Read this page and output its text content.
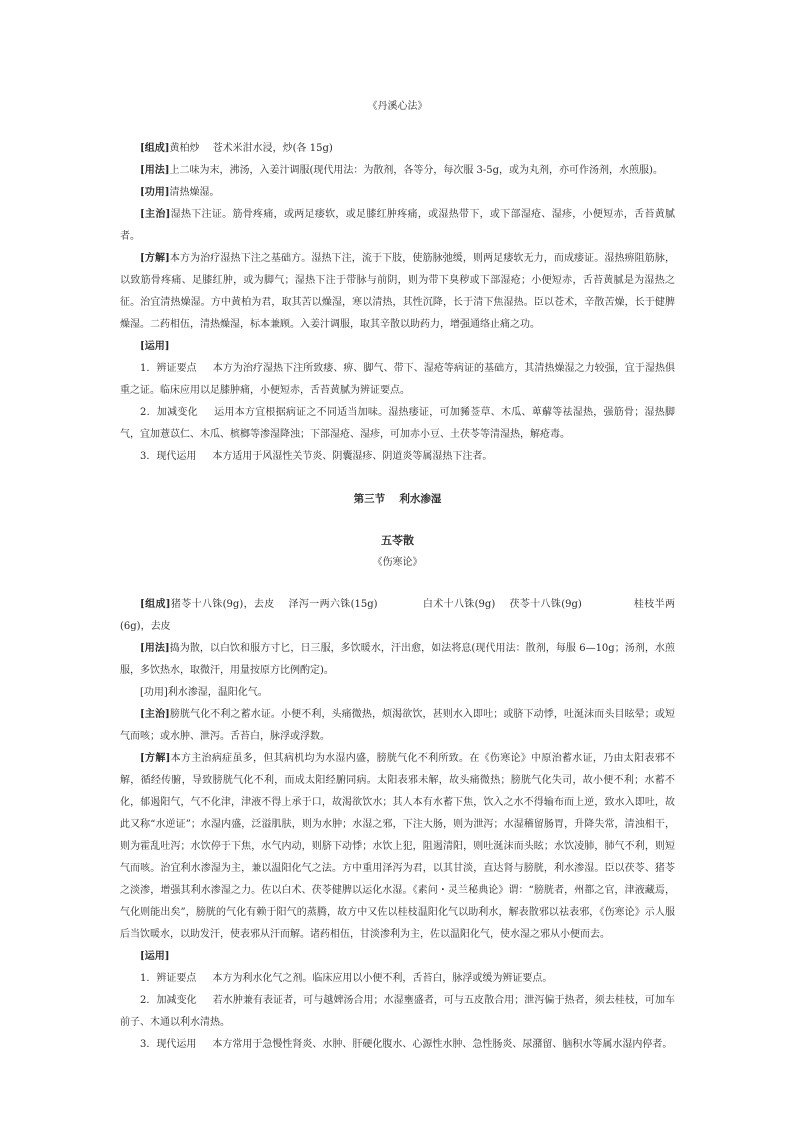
《丹溪心法》

[组成]黄柏炒　 苍术米泔水浸，炒(各 15g)

[用法]上二味为末，沸汤，入姜汁调服(现代用法：为散剂，各等分，每次服 3-5g，或为丸剂，亦可作汤剂，水煎服)。

[功用]清热燥湿。

[主治]湿热下注证。筋骨疼痛，或两足痿软，或足膝红肿疼痛，或湿热带下，或下部湿疮、湿疹，小便短赤，舌苔黄腻者。

[方解]本方为治疗湿热下注之基础方。湿热下注，流于下肢，使筋脉弛缓，则两足痿软无力，而成痿证。湿热痹阻筋脉，以致筋骨疼痛、足膝红肿，或为脚气；湿热下注于带脉与前阴，则为带下臭秽或下部湿疮；小便短赤，舌苔黄腻是为湿热之征。治宜清热燥湿。方中黄柏为君，取其苦以燥湿，寒以清热，其性沉降，长于清下焦湿热。臣以苍术，辛散苦燥，长于健脾燥湿。二药相伍，清热燥湿，标本兼顾。入姜汁调服，取其辛散以助药力，增强通络止痛之功。

[运用]

1．辨证要点 本方为治疗湿热下注所致痿、痹、脚气、带下、湿疮等病证的基础方，其清热燥湿之力较强，宜于湿热俱重之证。临床应用以足膝肿痛，小便短赤，舌苔黄腻为辨证要点。

2．加减变化 运用本方宜根据病证之不同适当加味。湿热痿证，可加豨莶草、木瓜、萆薢等祛湿热，强筋骨；湿热脚气，宜加薏苡仁、木瓜、槟榔等渗湿降浊；下部湿疮、湿疹，可加赤小豆、土茯苓等清湿热，解疮毒。

3．现代运用 本方适用于风湿性关节炎、阴囊湿疹、阴道炎等属湿热下注者。

第三节　 利水渗湿
五苓散
《伤寒论》

[组成]猪苓十八铢(9g)，去皮　 泽泻一两六铢(15g)　　　　 白术十八铢(9g)　 茯苓十八铢(9g)　　　　　桂枝半两(6g)，去皮

[用法]捣为散，以白饮和服方寸匕，日三服，多饮暖水，汗出愈，如法将息(现代用法：散剂，每服 6—10g；汤剂，水煎服，多饮热水，取微汗，用量按原方比例酌定)。

[功用]利水渗湿，温阳化气。

[主治]膀胱气化不利之蓄水证。小便不利，头痛微热，烦渴欲饮，甚则水入即吐；或脐下动悸，吐涎沫而头目眩晕；或短气而咳；或水肿、泄泻。舌苔白，脉浮或浮数。

[方解]本方主治病症虽多，但其病机均为水湿内盛，膀胱气化不利所致。在《伤寒论》中原治蓄水证，乃由太阳表邪不解，循经传腑，导致膀胱气化不利，而成太阳经腑同病。太阳表邪未解，故头痛微热；膀胱气化失司，故小便不利；水蓄不化，郁遏阳气，气不化津，津液不得上承于口，故渴欲饮水；其人本有水蓄下焦，饮入之水不得输布而上逆，致水入即吐，故此又称“水逆证”；水湿内盛，泛溢肌肤，则为水肿；水湿之邪，下注大肠，则为泄泻；水湿稽留肠胃，升降失常，清浊相干，则为霍乱吐泻；水饮停于下焦，水气内动，则脐下动悸；水饮上犯，阻遏清阳，则吐涎沫而头眩；水饮凌肺，肺气不利，则短气而咳。治宜利水渗湿为主，兼以温阳化气之法。方中重用泽泻为君，以其甘淡，直达肾与膀胱，利水渗湿。臣以茯苓、猪苓之淡渗，增强其利水渗湿之力。佐以白术、茯苓健脾以运化水湿。《素问・灵兰秘典论》谓：“膀胱者，州都之官，津液藏焉，气化则能出矣”，膀胱的气化有赖于阳气的蒸腾，故方中又佐以桂枝温阳化气以助利水，解表散邪以祛表邪，《伤寒论》示人服后当饮暖水，以助发汗，使表邪从汗而解。诸药相伍，甘淡渗利为主，佐以温阳化气，使水湿之邪从小便而去。

[运用]

1．辨证要点 本方为利水化气之剂。临床应用以小便不利，舌苔白，脉浮或缓为辨证要点。

2．加减变化 若水肿兼有表证者，可与越婢汤合用；水湿壅盛者，可与五皮散合用；泄泻偏于热者，须去桂枝，可加车前子、木通以利水清热。

3．现代运用 本方常用于急慢性肾炎、水肿、肝硬化腹水、心源性水肿、急性肠炎、尿潴留、脑积水等属水湿内停者。
